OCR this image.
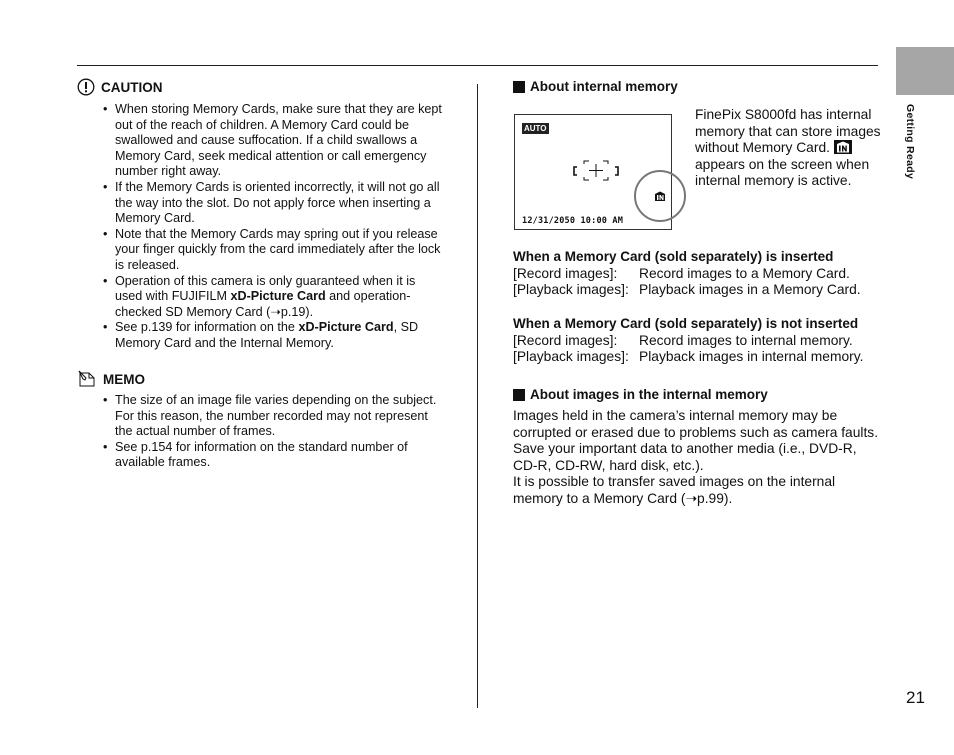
Getting Ready
21
CAUTION
• When storing Memory Cards, make sure that they are kept out of the reach of children. A Memory Card could be swallowed and cause suffocation. If a child swallows a Memory Card, seek medical attention or call emergency number right away.
• If the Memory Cards is oriented incorrectly, it will not go all the way into the slot. Do not apply force when inserting a Memory Card.
• Note that the Memory Cards may spring out if you release your finger quickly from the card immediately after the lock is released.
• Operation of this camera is only guaranteed when it is used with FUJIFILM xD-Picture Card and operation-checked SD Memory Card (➝p.19).
• See p.139 for information on the xD-Picture Card, SD Memory Card and the Internal Memory.
MEMO
• The size of an image file varies depending on the subject. For this reason, the number recorded may not represent the actual number of frames.
• See p.154 for information on the standard number of available frames.
About internal memory
AUTO
12/31/2050 10:00 AM
FinePix S8000fd has internal memory that can store images without Memory Card.  appears on the screen when internal memory is active.
When a Memory Card (sold separately) is inserted
[Record images]:	Record images to a Memory Card.
[Playback images]: Playback images in a Memory Card.
When a Memory Card (sold separately) is not inserted
[Record images]:	Record images to internal memory.
[Playback images]: Playback images in internal memory.
About images in the internal memory
Images held in the camera’s internal memory may be corrupted or erased due to problems such as camera faults. Save your important data to another media (i.e., DVD-R, CD-R, CD-RW, hard disk, etc.).
It is possible to transfer saved images on the internal memory to a Memory Card (➝p.99).
